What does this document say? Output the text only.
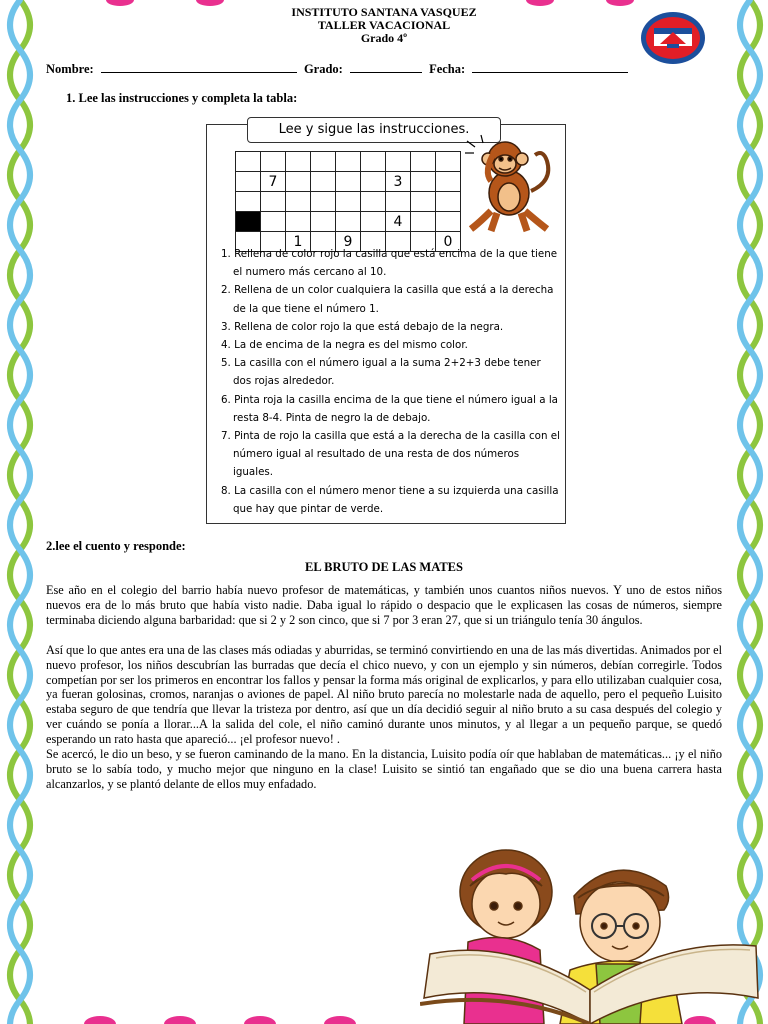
INSTITUTO SANTANA VASQUEZ
TALLER VACACIONAL
Grado 4º
Nombre:	Grado:	Fecha:
1. Lee las instrucciones y completa la tabla:
Lee y sigue las instrucciones.

	7					3		

						4		
		1		9				0
1. Rellena de color rojo la casilla que está encima de la que tiene el numero más cercano al 10.
2. Rellena de un color cualquiera la casilla que está a la derecha de la que tiene el número 1.
3. Rellena de color rojo la que está debajo de la negra.
4. La de encima de la negra es del mismo color.
5. La casilla con el número igual a la suma 2+2+3 debe tener dos rojas alrededor.
6. Pinta roja la casilla encima de la que tiene el número igual a la resta 8-4. Pinta de negro la de debajo.
7. Pinta de rojo la casilla que está a la derecha de la casilla con el número igual al resultado de una resta de dos números iguales.
8. La casilla con el número menor tiene a su izquierda una casilla que hay que pintar de verde.
2.lee el cuento y responde:
EL BRUTO DE LAS MATES

Ese año en el colegio del barrio había nuevo profesor de matemáticas, y también unos cuantos niños nuevos. Y uno de estos niños nuevos era de lo más bruto que había visto nadie. Daba igual lo rápido o despacio que le explicasen las cosas de números, siempre terminaba diciendo alguna barbaridad: que si 2 y 2 son cinco, que si 7 por 3 eran 27, que si un triángulo tenía 30 ángulos.

Así que lo que antes era una de las clases más odiadas y aburridas, se terminó convirtiendo en una de las más divertidas. Animados por el nuevo profesor, los niños descubrían las burradas que decía el chico nuevo, y con un ejemplo y sin números, debían corregirle. Todos competían por ser los primeros en encontrar los fallos y pensar la forma más original de explicarlos, y para ello utilizaban cualquier cosa, ya fueran golosinas, cromos, naranjas o aviones de papel. Al niño bruto parecía no molestarle nada de aquello, pero el pequeño Luisito estaba seguro de que tendría que llevar la tristeza por dentro, así que un día decidió seguir al niño bruto a su casa después del colegio y ver cuándo se ponía a llorar...A la salida del cole, el niño caminó durante unos minutos, y al llegar a un pequeño parque, se quedó esperando un rato hasta que apareció... ¡el profesor nuevo! .

Se acercó, le dio un beso, y se fueron caminando de la mano. En la distancia, Luisito podía oír que hablaban de matemáticas... ¡y el niño bruto se lo sabía todo, y mucho mejor que ninguno en la clase! Luisito se sintió tan engañado que se dio una buena carrera hasta alcanzarlos, y se plantó delante de ellos muy enfadado.
